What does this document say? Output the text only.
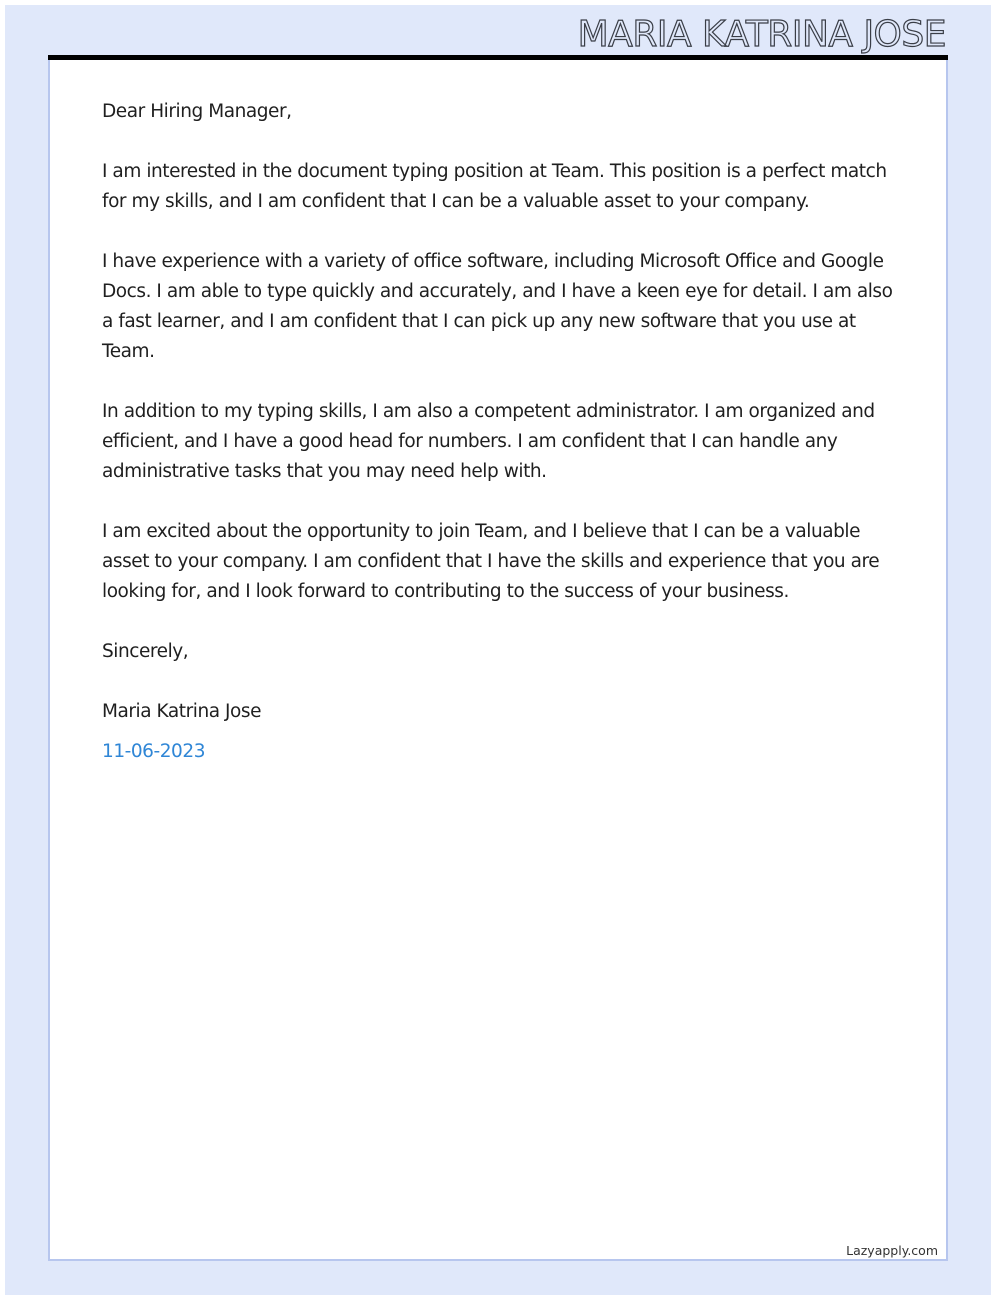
MARIA KATRINA JOSE

Dear Hiring Manager,

I am interested in the document typing position at Team. This position is a perfect match for my skills, and I am confident that I can be a valuable asset to your company.

I have experience with a variety of office software, including Microsoft Office and Google Docs. I am able to type quickly and accurately, and I have a keen eye for detail. I am also a fast learner, and I am confident that I can pick up any new software that you use at Team.

In addition to my typing skills, I am also a competent administrator. I am organized and efficient, and I have a good head for numbers. I am confident that I can handle any administrative tasks that you may need help with.

I am excited about the opportunity to join Team, and I believe that I can be a valuable asset to your company. I am confident that I have the skills and experience that you are looking for, and I look forward to contributing to the success of your business.

Sincerely,

Maria Katrina Jose

11-06-2023

Lazyapply.com
